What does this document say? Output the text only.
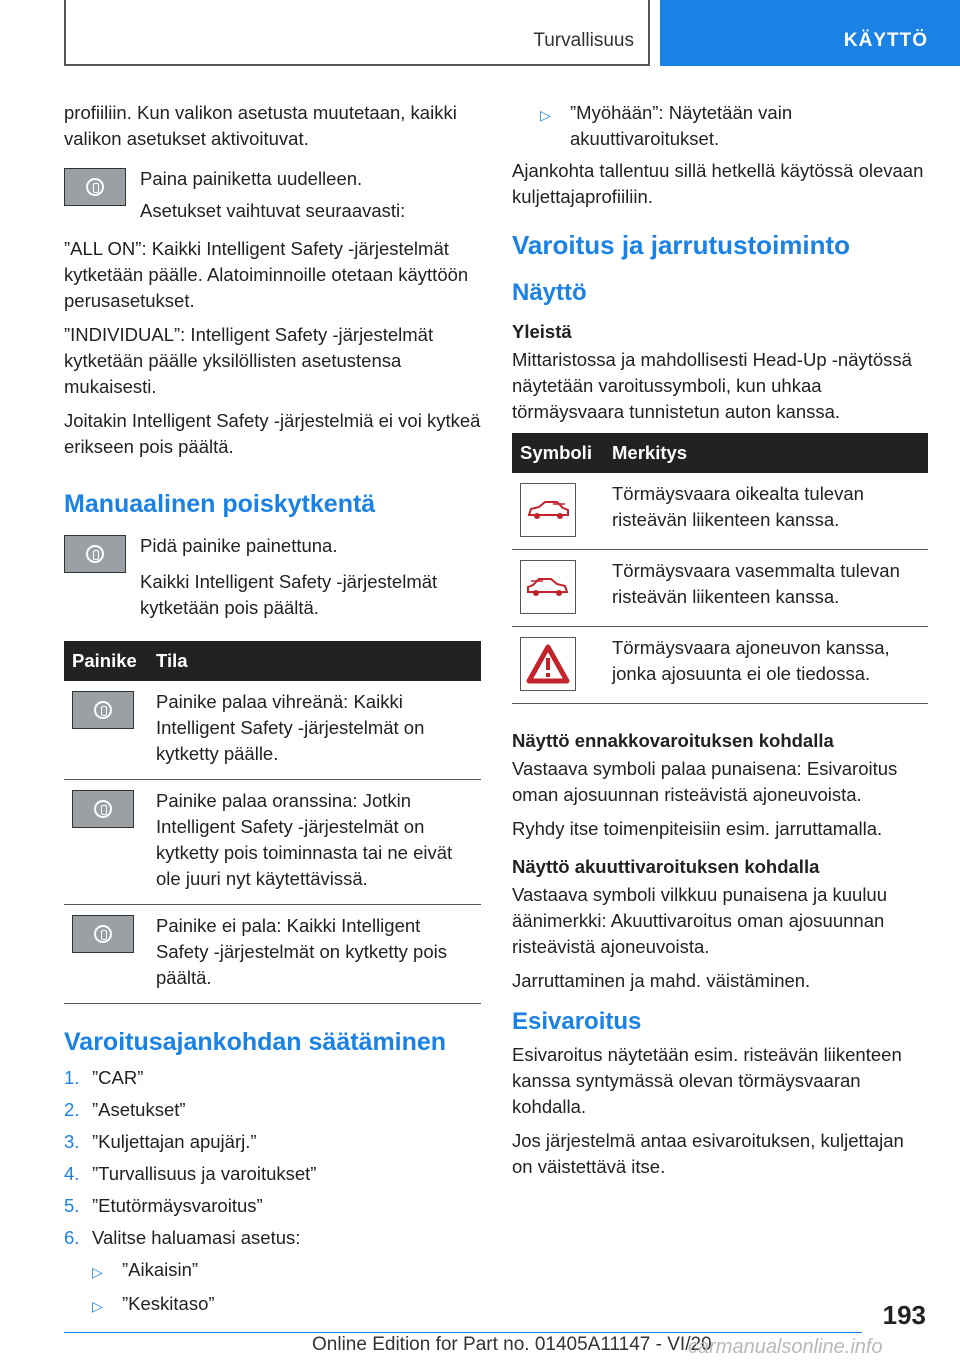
Turvallisuus	KÄYTTÖ

profiiliin. Kun valikon asetusta muutetaan, kaikki valikon asetukset aktivoituvat.

Paina painiketta uudelleen.

Asetukset vaihtuvat seuraavasti:

”ALL ON”: Kaikki Intelligent Safety -järjestelmät kytketään päälle. Alatoiminnoille otetaan käyttöön perusasetukset.

”INDIVIDUAL”: Intelligent Safety -järjestelmät kytketään päälle yksilöllisten asetustensa mukaisesti.

Joitakin Intelligent Safety -järjestelmiä ei voi kytkeä erikseen pois päältä.

Manuaalinen poiskytkentä

Pidä painike painettuna.

Kaikki Intelligent Safety -järjestelmät kytketään pois päältä.

Painike	Tila

	Painike palaa vihreänä: Kaikki Intelligent Safety -järjestelmät on kytketty päälle.

	Painike palaa oranssina: Jotkin Intelligent Safety -järjestelmät on kytketty pois toiminnasta tai ne eivät ole juuri nyt käytettävissä.

	Painike ei pala: Kaikki Intelligent Safety -järjestelmät on kytketty pois päältä.
Varoitusajankohdan säätäminen
1. ”CAR”
2. ”Asetukset”
3. ”Kuljettajan apujärj.”
4. ”Turvallisuus ja varoitukset”
5. ”Etutörmäysvaroitus”
6. Valitse haluamasi asetus:
▷	”Aikaisin”
▷	”Keskitaso”
▷	”Myöhään”: Näytetään vain akuuttivaroitukset.

Ajankohta tallentuu sillä hetkellä käytössä olevaan kuljettajaprofiiliin.

Varoitus ja jarrutustoiminto
Näyttö
Yleistä

Mittaristossa ja mahdollisesti Head-Up -näytössä näytetään varoitussymboli, kun uhkaa törmäysvaara tunnistetun auton kanssa.

Symboli	Merkitys

	Törmäysvaara oikealta tulevan risteävän liikenteen kanssa.

	Törmäysvaara vasemmalta tulevan risteävän liikenteen kanssa.

	Törmäysvaara ajoneuvon kanssa, jonka ajosuunta ei ole tiedossa.
Näyttö ennakkovaroituksen kohdalla

Vastaava symboli palaa punaisena: Esivaroitus oman ajosuunnan risteävistä ajoneuvoista.

Ryhdy itse toimenpiteisiin esim. jarruttamalla.

Näyttö akuuttivaroituksen kohdalla

Vastaava symboli vilkkuu punaisena ja kuuluu äänimerkki: Akuuttivaroitus oman ajosuunnan risteävistä ajoneuvoista.

Jarruttaminen ja mahd. väistäminen.

Esivaroitus

Esivaroitus näytetään esim. risteävän liikenteen kanssa syntymässä olevan törmäysvaaran kohdalla.

Jos järjestelmä antaa esivaroituksen, kuljettajan on väistettävä itse.

193
Online Edition for Part no. 01405A11147 - VI/20
carmanualsonline.info
